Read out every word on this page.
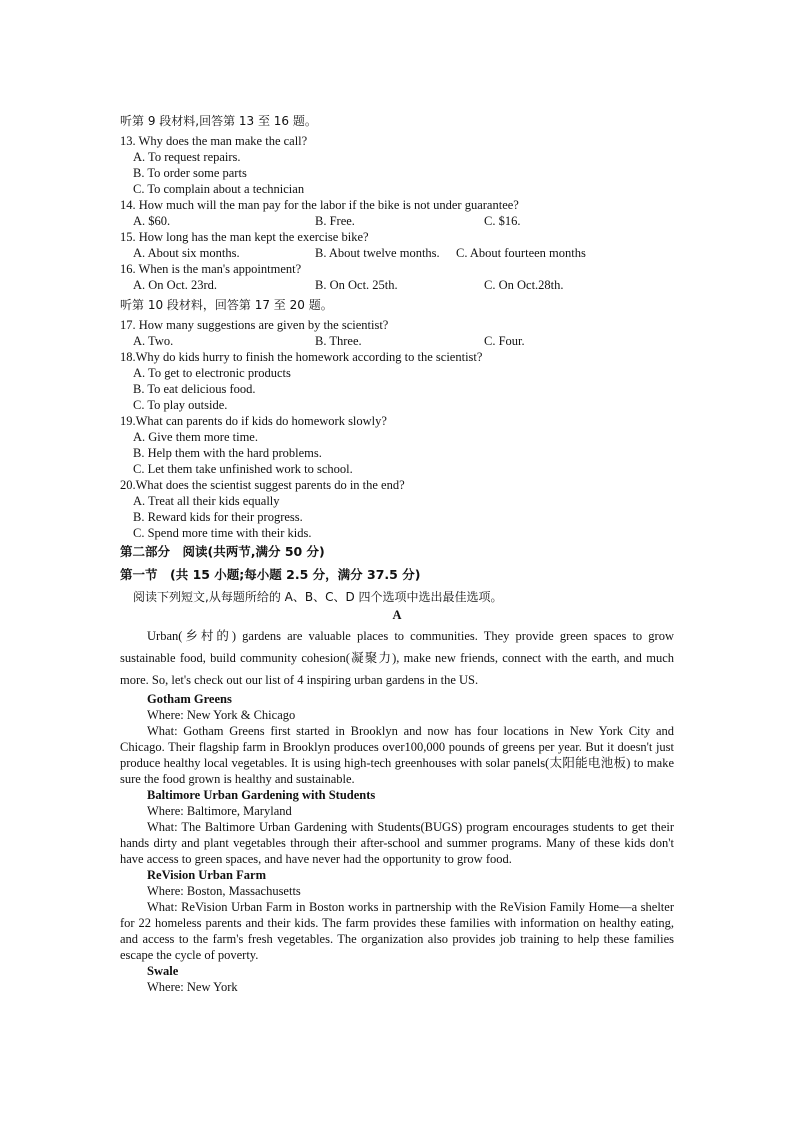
听第 9 段材料,回答第 13 至 16 题。
13. Why does the man make the call?
A. To request repairs.
B. To order some parts
C. To complain about a technician
14. How much will the man pay for the labor if the bike is not under guarantee?
A. $60.	B. Free.	C. $16.
15. How long has the man kept the exercise bike?
A. About six months.	B. About twelve months.	C. About fourteen months
16. When is the man's appointment?
A. On Oct. 23rd.	B. On Oct. 25th.	C. On Oct.28th.
听第 10 段材料，回答第 17 至 20 题。
17. How many suggestions are given by the scientist?
A. Two.	B. Three.	C. Four.
18.Why do kids hurry to finish the homework according to the scientist?
A. To get to electronic products
B. To eat delicious food.
C. To play outside.
19.What can parents do if kids do homework slowly?
A. Give them more time.
B. Help them with the hard problems.
C. Let them take unfinished work to school.
20.What does the scientist suggest parents do in the end?
A. Treat all their kids equally
B. Reward kids for their progress.
C. Spend more time with their kids.
第二部分　阅读(共两节,满分 50 分)
第一节　(共 15 小题;每小题 2.5 分，满分 37.5 分)
阅读下列短文,从每题所给的 A、B、C、D 四个选项中选出最佳选项。
A
Urban(乡村的) gardens are valuable places to communities. They provide green spaces to grow sustainable food, build community cohesion(凝聚力), make new friends, connect with the earth, and much more. So, let's check out our list of 4 inspiring urban gardens in the US.
Gotham Greens
Where: New York & Chicago
What: Gotham Greens first started in Brooklyn and now has four locations in New York City and Chicago. Their flagship farm in Brooklyn produces over100,000 pounds of greens per year. But it doesn't just produce healthy local vegetables. It is using high-tech greenhouses with solar panels(太阳能电池板) to make sure the food grown is healthy and sustainable.
Baltimore Urban Gardening with Students
Where: Baltimore, Maryland
What: The Baltimore Urban Gardening with Students(BUGS) program encourages students to get their hands dirty and plant vegetables through their after-school and summer programs. Many of these kids don't have access to green spaces, and have never had the opportunity to grow food.
ReVision Urban Farm
Where: Boston, Massachusetts
What: ReVision Urban Farm in Boston works in partnership with the ReVision Family Home—a shelter for 22 homeless parents and their kids. The farm provides these families with information on healthy eating, and access to the farm's fresh vegetables. The organization also provides job training to help these families escape the cycle of poverty.
Swale
Where: New York
